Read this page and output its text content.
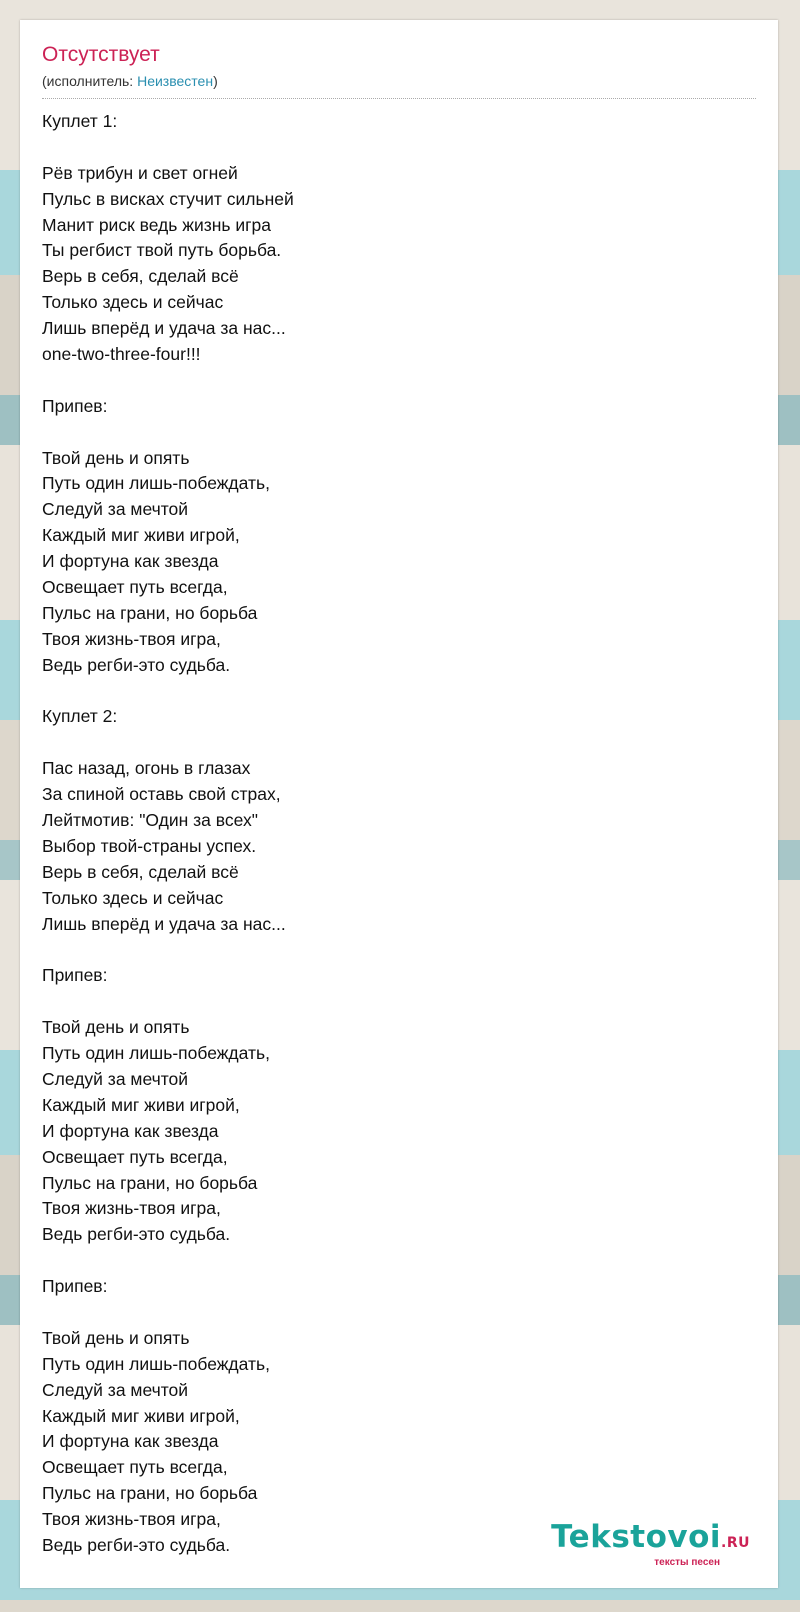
Отсутствует
(исполнитель: Неизвестен)
Куплет 1:
Рёв трибун и свет огней
Пульс в висках стучит сильней
Манит риск ведь жизнь игра
Ты регбист твой путь борьба.
Верь в себя, сделай всё
Только здесь и сейчас
Лишь вперёд и удача за нас...
one-two-three-four!!!
Припев:
Твой день и опять
Путь один лишь-побеждать,
Следуй за мечтой
Каждый миг живи игрой,
И фортуна как звезда
Освещает путь всегда,
Пульс на грани, но борьба
Твоя жизнь-твоя игра,
Ведь регби-это судьба.
Куплет 2:
Пас назад, огонь в глазах
За спиной оставь свой страх,
Лейтмотив: "Один за всех"
Выбор твой-страны успех.
Верь в себя, сделай всё
Только здесь и сейчас
Лишь вперёд и удача за нас...
Припев:
Твой день и опять
Путь один лишь-побеждать,
Следуй за мечтой
Каждый миг живи игрой,
И фортуна как звезда
Освещает путь всегда,
Пульс на грани, но борьба
Твоя жизнь-твоя игра,
Ведь регби-это судьба.
Припев:
Твой день и опять
Путь один лишь-побеждать,
Следуй за мечтой
Каждый миг живи игрой,
И фортуна как звезда
Освещает путь всегда,
Пульс на грани, но борьба
Твоя жизнь-твоя игра,
Ведь регби-это судьба.	Tekstovoi.RU
тексты песен
